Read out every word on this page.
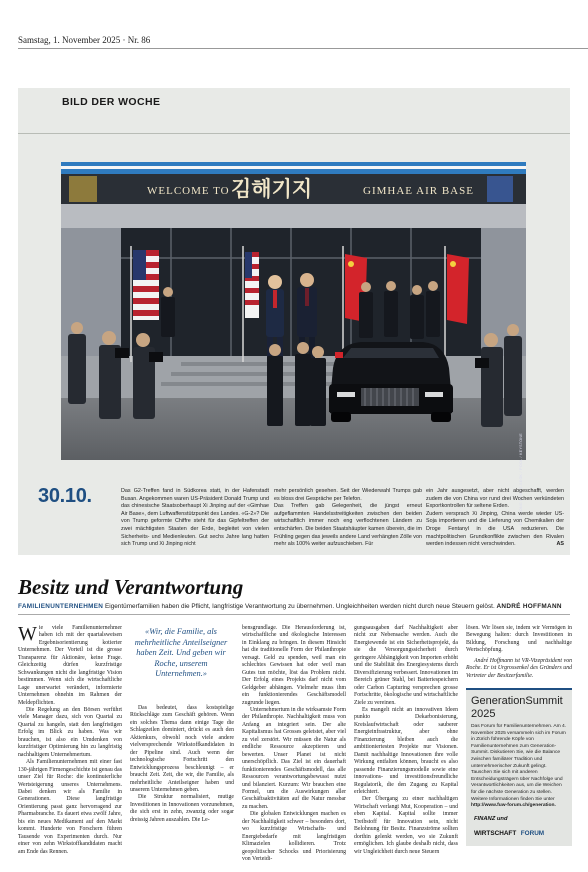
Samstag, 1. November 2025 · Nr. 86
BILD DER WOCHE
WELCOME TO 김해기지	GIMHAE AIR BASE
EPA / SONG KYUNG-SEOK / POOL / KEYSTONE
30.10.	Das G2-Treffen fand in Südkorea statt, in der Hafenstadt Busan. Angekommen waren US-Präsident Donald Trump und das chinesische Staatsoberhaupt Xi Jinping auf der «Gimhae Air Base», dem Luftwaffenstützpunkt des Landes. «G-2»? Die von Trump geformte Chiffre steht für das Gipfeltreffen der zwei mächtigsten Staaten der Erde, begleitet von vielen Sicherheits- und Medienleuten. Gut sechs Jahre lang hatten sich Trump und Xi Jinping nicht
mehr persönlich gesehen. Seit der Wiederwahl Trumps gab es bloss drei Gespräche per Telefon.
Das Treffen gab Gelegenheit, die jüngst erneut aufgeflammten Handelsstreitigkeiten zwischen den beiden wirtschaftlich immer noch eng verflochtenen Ländern zu entschärfen. Die beiden Staatshäupter kamen überein, die im Frühling gegen das jeweils andere Land verhängten Zölle von mehr als 100% weiter aufzuschieben. Für
ein Jahr ausgesetzt, aber nicht abgeschafft, werden zudem die von China vor rund drei Wochen verkündeten Exportkontrollen für seltene Erden.
Zudem versprach Xi Jinping, China werde wieder US-Soja importieren und die Lieferung von Chemikalien der Droge Fentanyl in die USA reduzieren. Die machtpolitischen Grundkonflikte zwischen den Rivalen werden indessen nicht verschwinden.	AS
Besitz und Verantwortung
FAMILIENUNTERNEHMEN Eigentümerfamilien haben die Pflicht, langfristige Verantwortung zu übernehmen. Ungleichheiten werden nicht durch neue Steuern gelöst. ANDRÉ HOFFMANN

Wie viele Familienunternehmer haben ich mit der quartalsweisen Ergebnisorientierung kotierter Unternehmen. Der Vorteil ist die grosse Transparenz für Aktionäre, keine Frage. Gleichzeitig dürfen kurzfristige Schwankungen nicht die langfristige Vision bestimmen. Wenn sich die wirtschaftliche Lage unerwartet verändert, informierte Unternehmen ohnehin im Rahmen der Meldepflichten.

Die Regelung an den Börsen verführt viele Manager dazu, sich von Quartal zu Quartal zu hangeln, statt den langfristigen Erfolg im Blick zu haben. Was wir brauchen, ist also ein Umdenken von kurzfristiger Optimierung hin zu langfristig nachhaltigem Unternehmertum.

Als Familienunternehmen mit einer fast 130-jährigen Firmengeschichte ist genau das unser Ziel für Roche: die kontinuierliche Wertsteigerung unseres Unternehmens. Dabei denken wir als Familie in Generationen. Diese langfristige Orientierung passt ganz hervorragend zur Pharmabranche. Es dauert etwa zwölf Jahre, bis ein neues Medikament auf den Markt kommt. Hunderte von Forschern führen Tausende von Experimenten durch. Nur einer von zehn Wirkstoffkandidaten macht am Ende das Rennen.

«Wir, die Familie, als mehrheitliche Anteilseigner haben Zeit. Und geben wir Roche, unserem Unternehmen.»

Das bedeutet, dass kostspielige Rückschläge zum Geschäft gehören. Wenn ein solches Thema dann einige Tage die Schlagzeilen dominiert, drückt es auch den Aktienkurs, obwohl noch viele andere vielversprechende Wirkstoffkandidaten in der Pipeline sind. Auch wenn der technologische Fortschritt den Entwicklungsprozess beschleunigt – er braucht Zeit. Zeit, die wir, die Familie, als mehrheitliche Anteilseigner haben und unserem Unternehmen geben.

Die Struktur normalisiert, mutige Investitionen in Innovationen vorzunehmen, die sich erst in zehn, zwanzig oder sogar dreissig Jahren auszahlen. Die Le-

bensgrundlage. Die Herausforderung ist, wirtschaftliche und ökologische Interessen in Einklang zu bringen. In diesem Hinsicht hat die traditionelle Form der Philanthropie versagt. Geld zu spenden, weil man ein schlechtes Gewissen hat oder weil man Gutes tun möchte, löst das Problem nicht. Der Erfolg eines Projekts darf nicht vom Geldgeber abhängen. Vielmehr muss ihm ein funktionierendes Geschäftsmodell zugrunde liegen.

Unternehmertum in die wirksamste Form der Philanthropie. Nachhaltigkeit muss von Anfang an integriert sein. Der alte Kapitalismus hat Grosses geleistet, aber viel zu viel zerstört. Wir müssen die Natur als endliche Ressource akzeptieren und bewerten. Unser Planet ist nicht unerschöpflich. Das Ziel ist ein dauerhaft funktionierendes Geschäftsmodell, das alle Ressourcen verantwortungsbewusst nutzt und bilanziert. Kurzum: Wir brauchen eine Formel, um die Auswirkungen aller Geschäftsaktivitäten auf die Natur messbar zu machen.

Die globalen Entwicklungen machen es der Nachhaltigkeit schwer – besonders dort, wo kurzfristige Wirtschafts- und Energiebedarfe mit langfristigen Klimazielen kollidieren. Trotz geopolitischer Schocks und Priorisierung von Verteidi-

gungsausgaben darf Nachhaltigkeit aber nicht zur Nebensache werden. Auch die Energiewende ist ein Sicherheitsprojekt, da sie die Versorgungssicherheit durch geringere Abhängigkeit von Importen erhöht und die Stabilität des Energiesystems durch Diversifizierung verbessert. Innovationen im Bereich grüner Stahl, bei Batteriespeichern oder Carbon Capturing versprechen grosse Fortschritte, ökologische und wirtschaftliche Ziele zu vereinen.

Es mangelt nicht an innovativen Ideen punkto Dekarbonisierung, Kreislaufwirtschaft oder sauberer Energieinfrastruktur, aber ohne Finanzierung bleiben auch die ambitioniertesten Projekte nur Visionen. Damit nachhaltige Innovationen ihre volle Wirkung entfalten können, braucht es also passende Finanzierungsmodelle sowie eine innovations- und investitionsfreundliche Regulatorik, die den Zugang zu Kapital erleichtert.

Der Übergang zu einer nachhaltigen Wirtschaft verlangt Mut, Kooperation – und eben Kapital. Kapital sollte immer Treibstoff für Innovation sein, nicht Belohnung für Besitz. Finanzströme sollten dorthin gelenkt werden, wo sie Zukunft ermöglichen. Ich glaube deshalb nicht, dass wir Ungleichheit durch neue Steuern

lösen. Wir lösen sie, indem wir Vermögen in Bewegung halten: durch Investitionen in Bildung, Forschung und nachhaltige Wertschöpfung.

André Hoffmann ist VR-Vizepräsident von Roche. Er ist Urgrossenkel des Gründers und Vertreter der Besitzerfamilie.

GenerationSummit 2025
Das Forum für Familienunternehmen. Am 4. November 2025 versammeln sich im Forum in Zürich führende Köpfe von Familienunternehmen zum Generation-Summit. Diskutieren Sie, wie die Balance zwischen familiärer Tradition und unternehmerischer Zukunft gelingt. Tauschen Sie sich mit anderen Entscheidungsträgern über Nachfolge und Verantwortlichkeiten aus, um die Weichen für die nächste Generation zu stellen. Weitere Informationen finden Sie unter http://www.fuw-forum.ch/generation.
FINANZ und
WIRTSCHAFT FORUM
